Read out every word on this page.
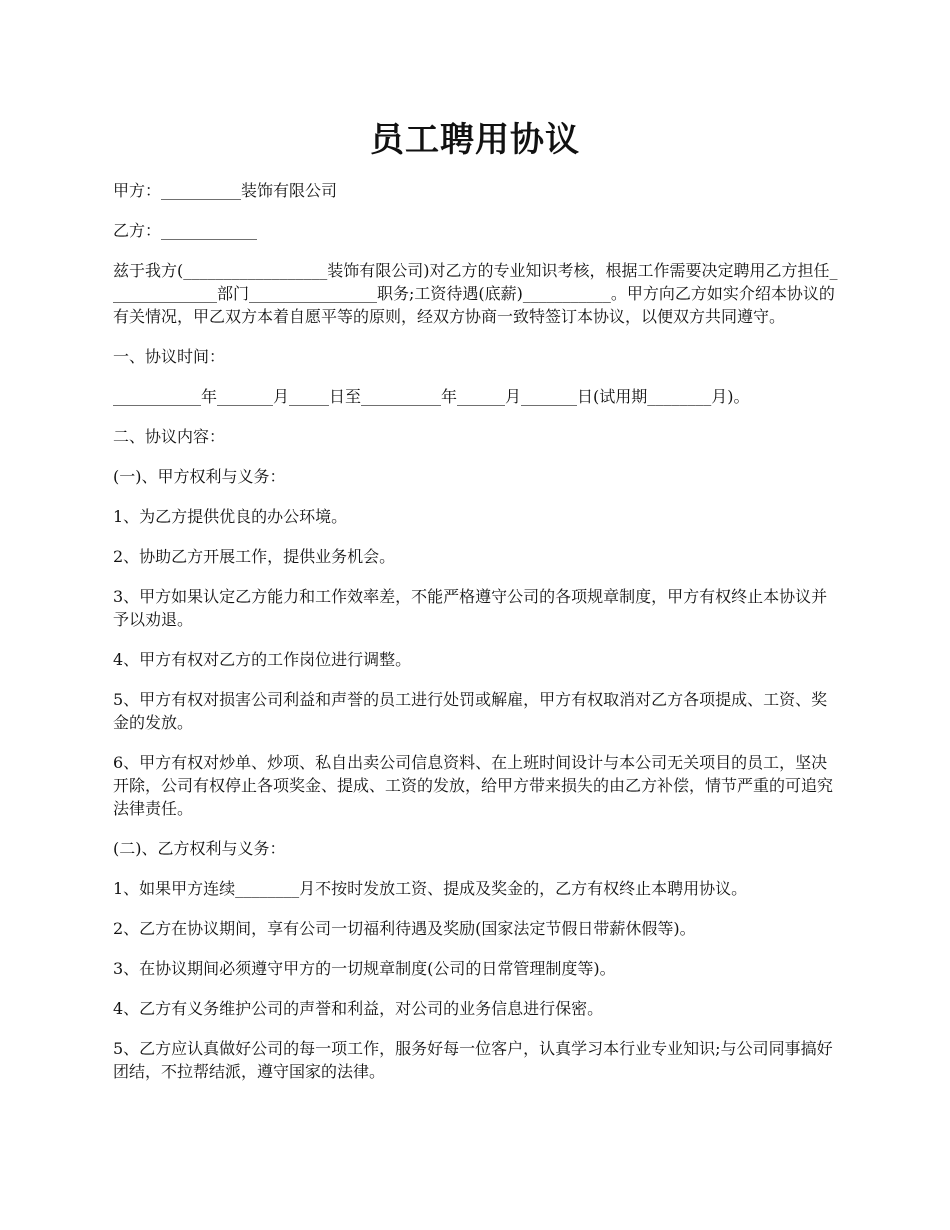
员工聘用协议

甲方：__________装饰有限公司

乙方：____________

兹于我方(__________________装饰有限公司)对乙方的专业知识考核，根据工作需要决定聘用乙方担任______________部门________________职务;工资待遇(底薪)___________。甲方向乙方如实介绍本协议的有关情况，甲乙双方本着自愿平等的原则，经双方协商一致特签订本协议，以便双方共同遵守。

一、协议时间：

___________年_______月_____日至__________年______月_______日(试用期________月)。

二、协议内容：

(一)、甲方权利与义务：

1、为乙方提供优良的办公环境。

2、协助乙方开展工作，提供业务机会。

3、甲方如果认定乙方能力和工作效率差，不能严格遵守公司的各项规章制度，甲方有权终止本协议并予以劝退。

4、甲方有权对乙方的工作岗位进行调整。

5、甲方有权对损害公司利益和声誉的员工进行处罚或解雇，甲方有权取消对乙方各项提成、工资、奖金的发放。

6、甲方有权对炒单、炒项、私自出卖公司信息资料、在上班时间设计与本公司无关项目的员工，坚决开除，公司有权停止各项奖金、提成、工资的发放，给甲方带来损失的由乙方补偿，情节严重的可追究法律责任。

(二)、乙方权利与义务：

1、如果甲方连续________月不按时发放工资、提成及奖金的，乙方有权终止本聘用协议。

2、乙方在协议期间，享有公司一切福利待遇及奖励(国家法定节假日带薪休假等)。

3、在协议期间必须遵守甲方的一切规章制度(公司的日常管理制度等)。

4、乙方有义务维护公司的声誉和利益，对公司的业务信息进行保密。

5、乙方应认真做好公司的每一项工作，服务好每一位客户，认真学习本行业专业知识;与公司同事搞好团结，不拉帮结派，遵守国家的法律。
